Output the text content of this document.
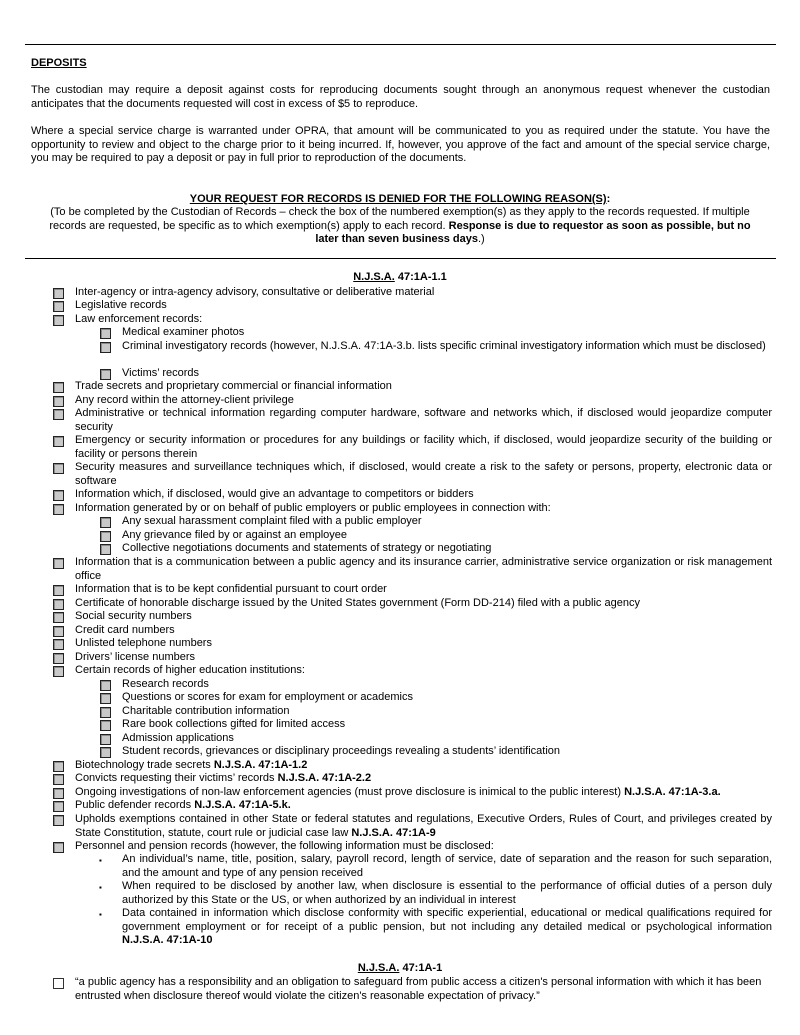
DEPOSITS

The custodian may require a deposit against costs for reproducing documents sought through an anonymous request whenever the custodian anticipates that the documents requested will cost in excess of $5 to reproduce.

Where a special service charge is warranted under OPRA, that amount will be communicated to you as required under the statute. You have the opportunity to review and object to the charge prior to it being incurred. If, however, you approve of the fact and amount of the special service charge, you may be required to pay a deposit or pay in full prior to reproduction of the documents.

YOUR REQUEST FOR RECORDS IS DENIED FOR THE FOLLOWING REASON(S):

(To be completed by the Custodian of Records – check the box of the numbered exemption(s) as they apply to the records requested. If multiple records are requested, be specific as to which exemption(s) apply to each record. Response is due to requestor as soon as possible, but no later than seven business days.)

N.J.S.A. 47:1A-1.1
Inter-agency or intra-agency advisory, consultative or deliberative material
Legislative records
Law enforcement records:
Medical examiner photos
Criminal investigatory records (however, N.J.S.A. 47:1A-3.b. lists specific criminal investigatory information which must be disclosed)
Victims’ records
Trade secrets and proprietary commercial or financial information
Any record within the attorney-client privilege
Administrative or technical information regarding computer hardware, software and networks which, if disclosed would jeopardize computer security
Emergency or security information or procedures for any buildings or facility which, if disclosed, would jeopardize security of the building or facility or persons therein
Security measures and surveillance techniques which, if disclosed, would create a risk to the safety or persons, property, electronic data or software
Information which, if disclosed, would give an advantage to competitors or bidders
Information generated by or on behalf of public employers or public employees in connection with:
Any sexual harassment complaint filed with a public employer
Any grievance filed by or against an employee
Collective negotiations documents and statements of strategy or negotiating
Information that is a communication between a public agency and its insurance carrier, administrative service organization or risk management office
Information that is to be kept confidential pursuant to court order
Certificate of honorable discharge issued by the United States government (Form DD-214) filed with a public agency
Social security numbers
Credit card numbers
Unlisted telephone numbers
Drivers’ license numbers
Certain records of higher education institutions:
Research records
Questions or scores for exam for employment or academics
Charitable contribution information
Rare book collections gifted for limited access
Admission applications
Student records, grievances or disciplinary proceedings revealing a students’ identification
Biotechnology trade secrets N.J.S.A. 47:1A-1.2
Convicts requesting their victims’ records N.J.S.A. 47:1A-2.2
Ongoing investigations of non-law enforcement agencies (must prove disclosure is inimical to the public interest) N.J.S.A. 47:1A-3.a.
Public defender records N.J.S.A. 47:1A-5.k.
Upholds exemptions contained in other State or federal statutes and regulations, Executive Orders, Rules of Court, and privileges created by State Constitution, statute, court rule or judicial case law N.J.S.A. 47:1A-9
Personnel and pension records (however, the following information must be disclosed:
▪ An individual’s name, title, position, salary, payroll record, length of service, date of separation and the reason for such separation, and the amount and type of any pension received
▪ When required to be disclosed by another law, when disclosure is essential to the performance of official duties of a person duly authorized by this State or the US, or when authorized by an individual in interest
▪ Data contained in information which disclose conformity with specific experiential, educational or medical qualifications required for government employment or for receipt of a public pension, but not including any detailed medical or psychological information N.J.S.A. 47:1A-10
N.J.S.A. 47:1A-1
“a public agency has a responsibility and an obligation to safeguard from public access a citizen's personal information with which it has been entrusted when disclosure thereof would violate the citizen's reasonable expectation of privacy.”
